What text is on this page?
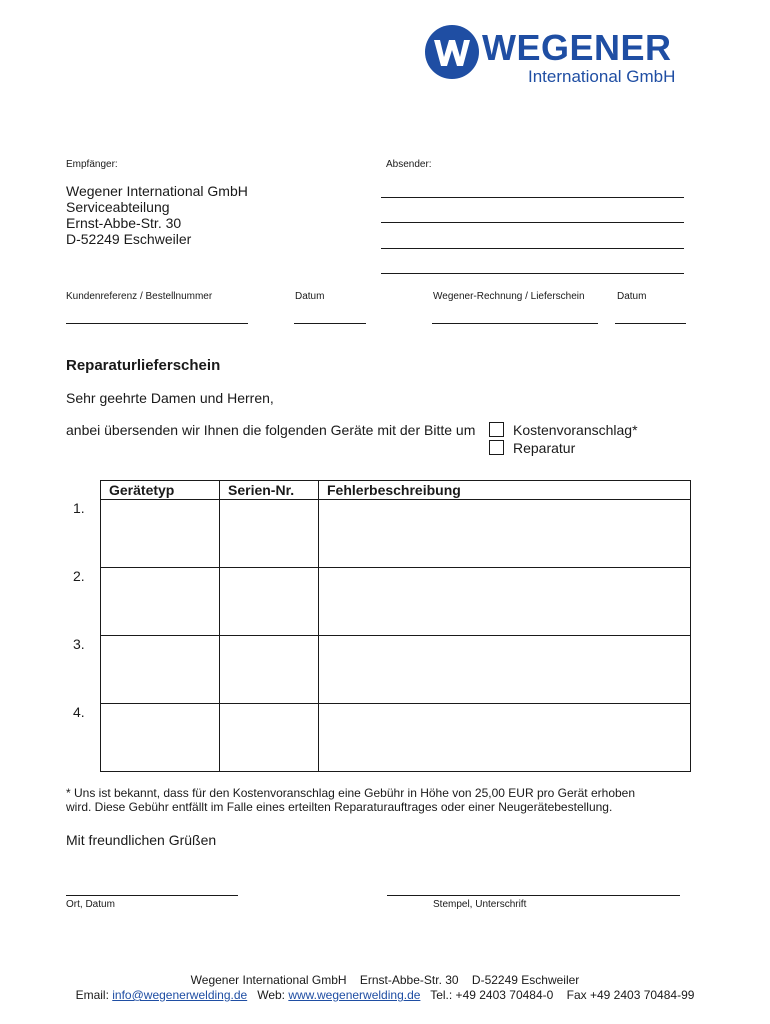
WEGENER
International GmbH
Empfänger:	Absender:
Wegener International GmbH
Serviceabteilung
Ernst-Abbe-Str. 30
D-52249 Eschweiler
Kundenreferenz / Bestellnummer	Datum	Wegener-Rechnung / Lieferschein	Datum
Reparaturlieferschein
Sehr geehrte Damen und Herren,
anbei übersenden wir Ihnen die folgenden Geräte mit der Bitte um	Kostenvoranschlag*
Reparatur
Gerätetyp	Serien-Nr.	Fehlerbeschreibung

1.
2.
3.
4.
* Uns ist bekannt, dass für den Kostenvoranschlag eine Gebühr in Höhe von 25,00 EUR pro Gerät erhoben
wird. Diese Gebühr entfällt im Falle eines erteilten Reparaturauftrages oder einer Neugerätebestellung.
Mit freundlichen Grüßen
Ort, Datum	Stempel, Unterschrift
Wegener International GmbH    Ernst-Abbe-Str. 30    D-52249 Eschweiler
Email: info@wegenerwelding.de Web: www.wegenerwelding.de Tel.: +49 2403 70484-0    Fax +49 2403 70484-99
